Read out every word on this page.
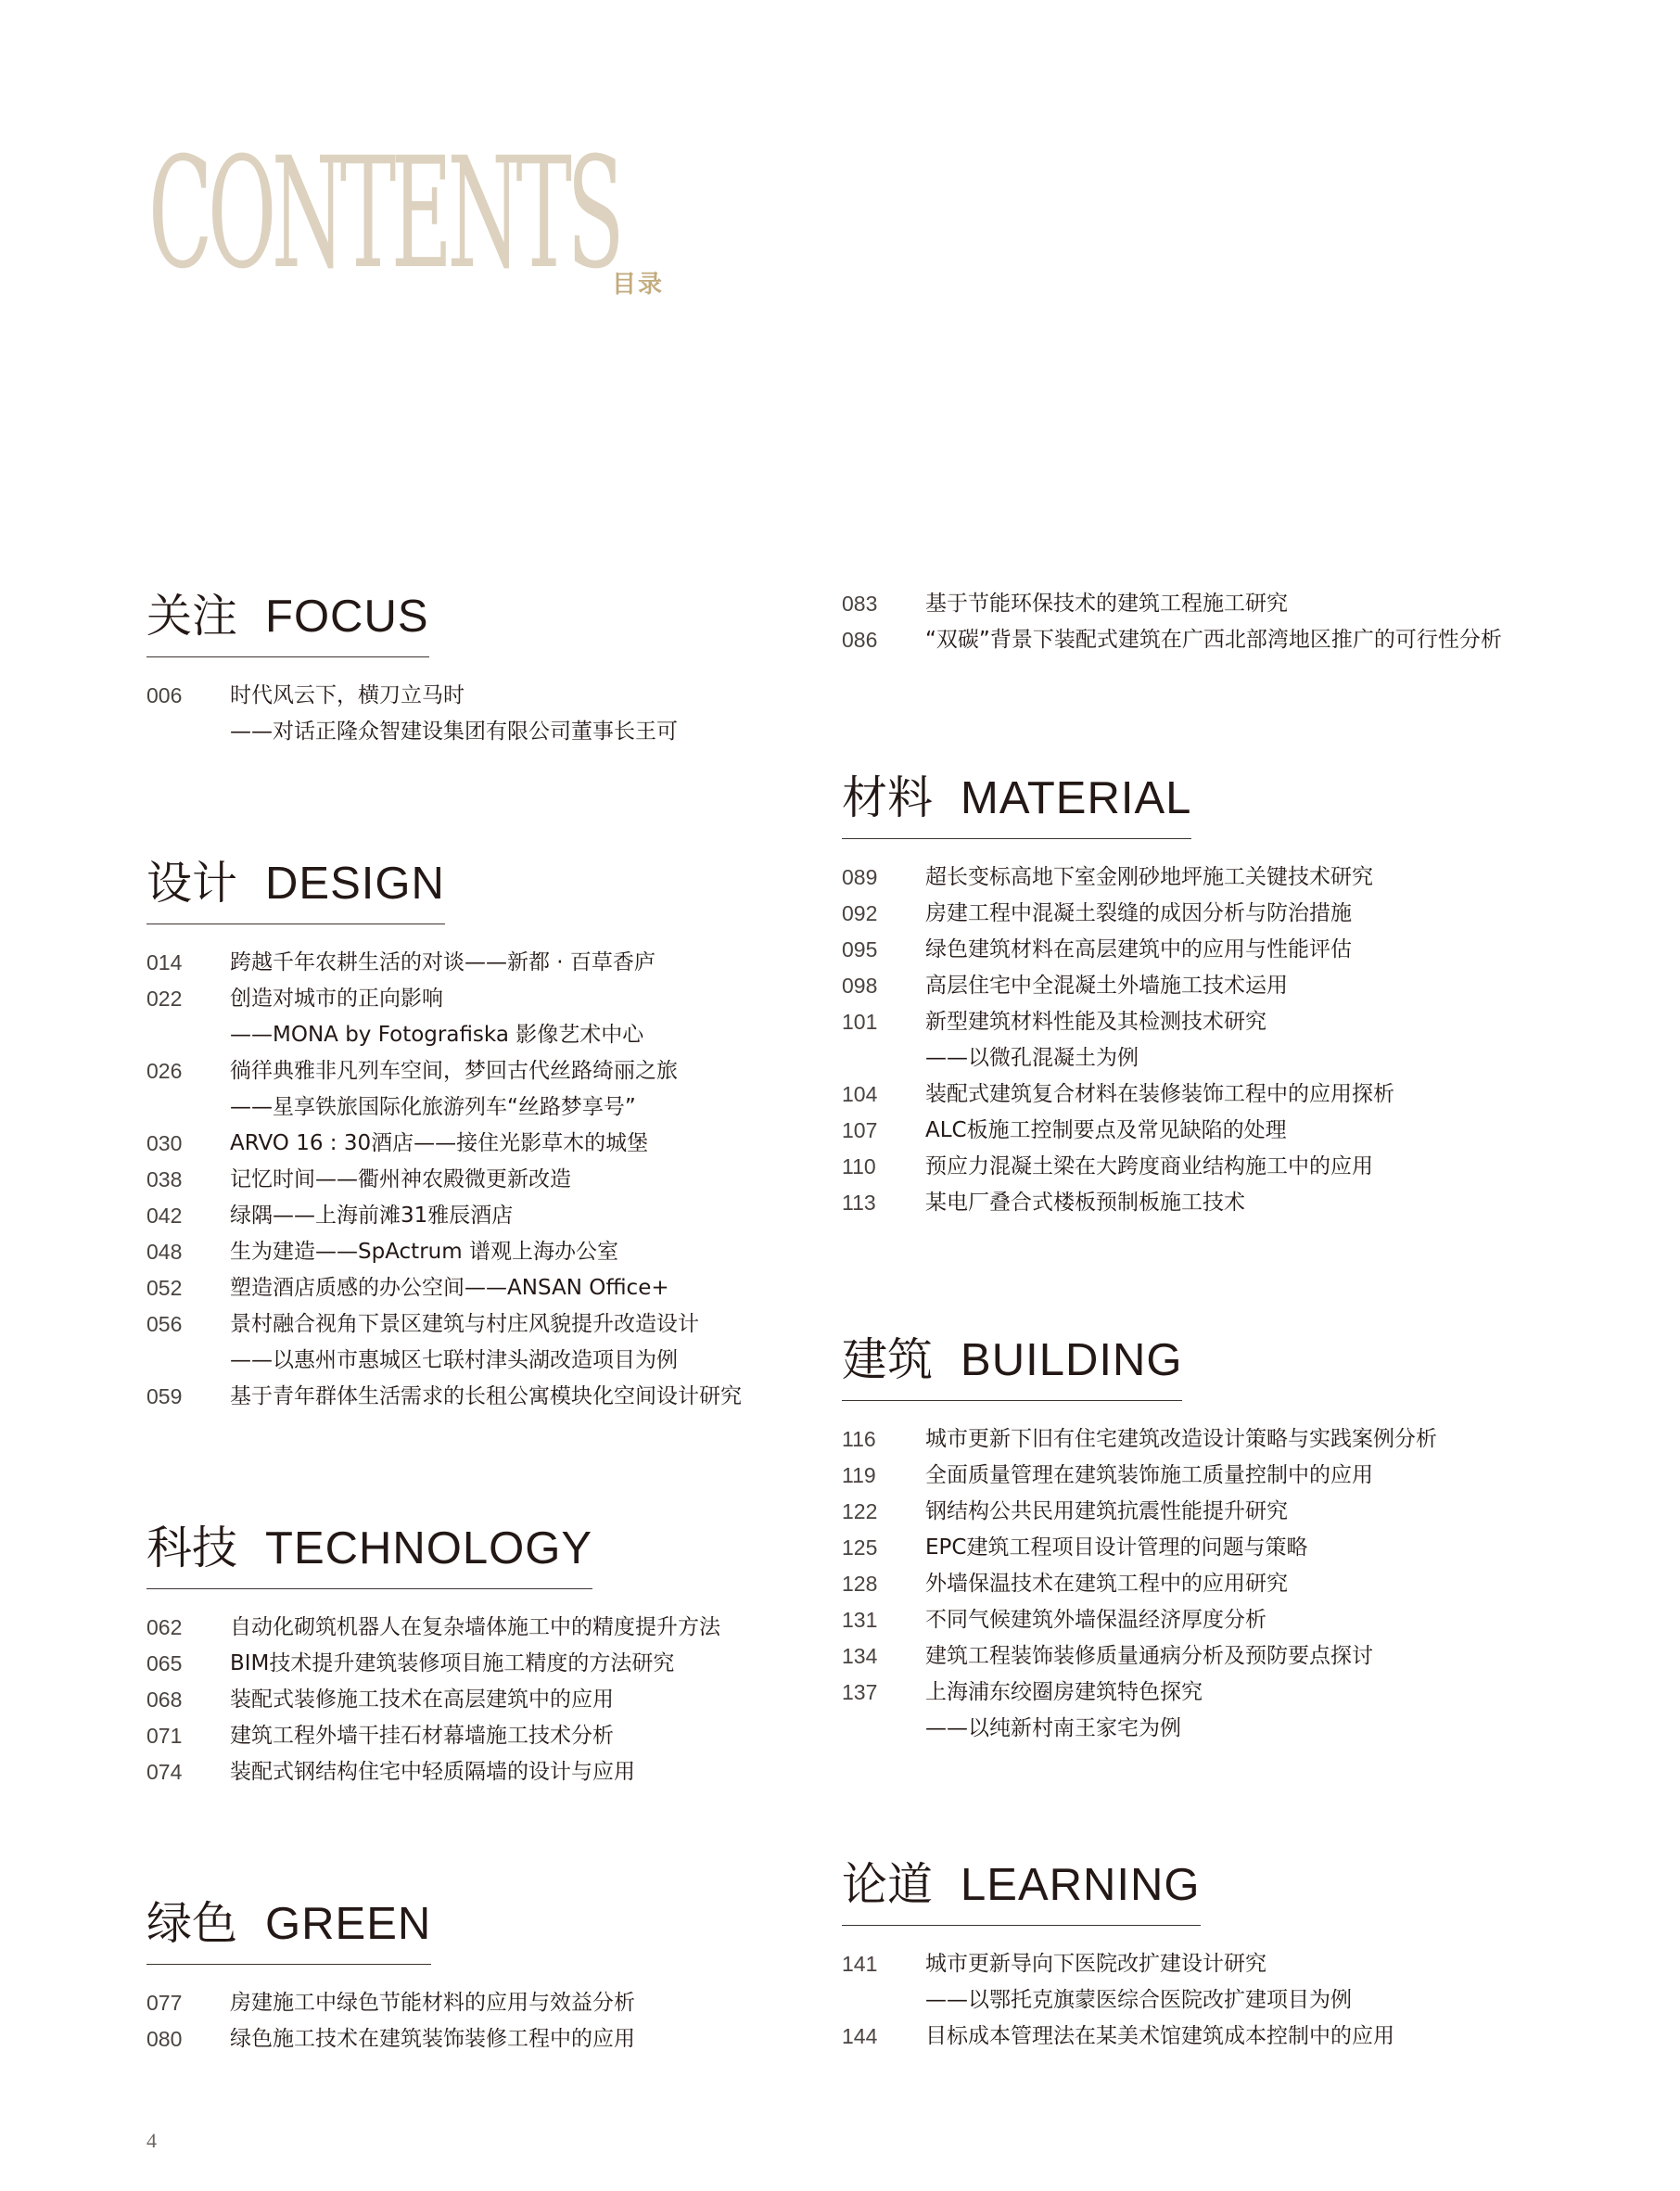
CONTENTS
目录
关注 FOCUS
006	时代风云下，横刀立马时
——对话正隆众智建设集团有限公司董事长王可
设计 DESIGN
014	跨越千年农耕生活的对谈——新都 · 百草香庐
022	创造对城市的正向影响
——MONA by Fotografiska 影像艺术中心
026	徜徉典雅非凡列车空间，梦回古代丝路绮丽之旅
——星享铁旅国际化旅游列车“丝路梦享号”
030	ARVO 16 : 30酒店——接住光影草木的城堡
038	记忆时间——衢州神农殿微更新改造
042	绿隅——上海前滩31雅辰酒店
048	生为建造——SpActrum 谱观上海办公室
052	塑造酒店质感的办公空间——ANSAN Office+
056	景村融合视角下景区建筑与村庄风貌提升改造设计
——以惠州市惠城区七联村津头湖改造项目为例
059	基于青年群体生活需求的长租公寓模块化空间设计研究
科技 TECHNOLOGY
062	自动化砌筑机器人在复杂墙体施工中的精度提升方法
065	BIM技术提升建筑装修项目施工精度的方法研究
068	装配式装修施工技术在高层建筑中的应用
071	建筑工程外墙干挂石材幕墙施工技术分析
074	装配式钢结构住宅中轻质隔墙的设计与应用
绿色 GREEN
077	房建施工中绿色节能材料的应用与效益分析
080	绿色施工技术在建筑装饰装修工程中的应用
083	基于节能环保技术的建筑工程施工研究
086	“双碳”背景下装配式建筑在广西北部湾地区推广的可行性分析
材料 MATERIAL
089	超长变标高地下室金刚砂地坪施工关键技术研究
092	房建工程中混凝土裂缝的成因分析与防治措施
095	绿色建筑材料在高层建筑中的应用与性能评估
098	高层住宅中全混凝土外墙施工技术运用
101	新型建筑材料性能及其检测技术研究
——以微孔混凝土为例
104	装配式建筑复合材料在装修装饰工程中的应用探析
107	ALC板施工控制要点及常见缺陷的处理
110	预应力混凝土梁在大跨度商业结构施工中的应用
113	某电厂叠合式楼板预制板施工技术
建筑 BUILDING
116	城市更新下旧有住宅建筑改造设计策略与实践案例分析
119	全面质量管理在建筑装饰施工质量控制中的应用
122	钢结构公共民用建筑抗震性能提升研究
125	EPC建筑工程项目设计管理的问题与策略
128	外墙保温技术在建筑工程中的应用研究
131	不同气候建筑外墙保温经济厚度分析
134	建筑工程装饰装修质量通病分析及预防要点探讨
137	上海浦东绞圈房建筑特色探究
——以纯新村南王家宅为例
论道 LEARNING
141	城市更新导向下医院改扩建设计研究
——以鄂托克旗蒙医综合医院改扩建项目为例
144	目标成本管理法在某美术馆建筑成本控制中的应用
4
